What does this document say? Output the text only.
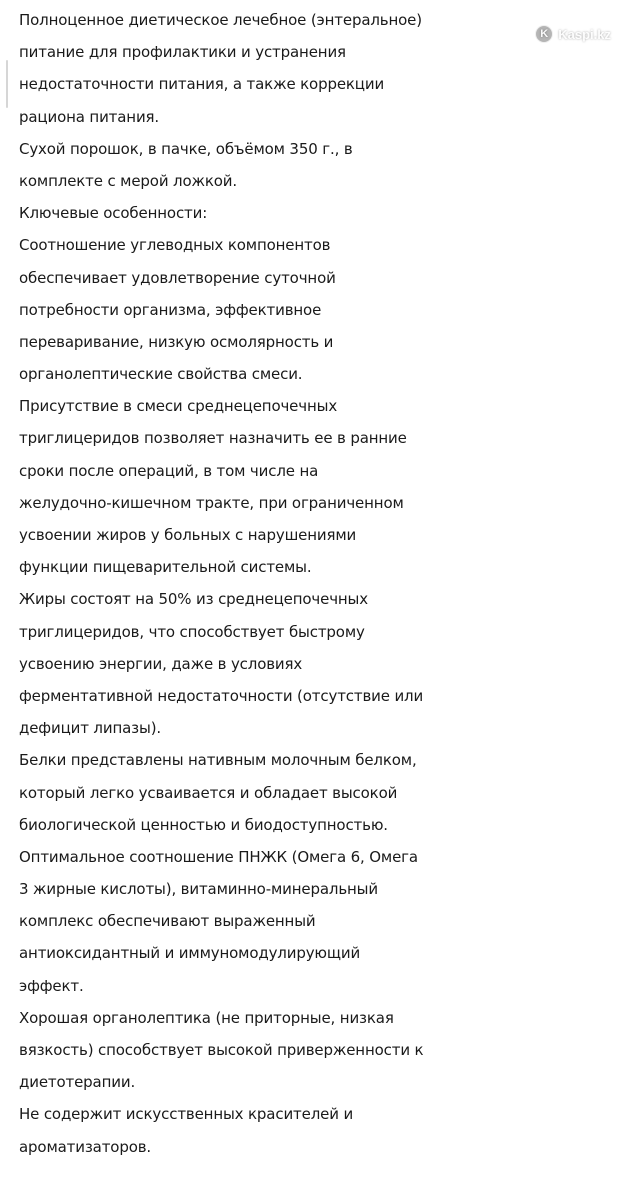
Полноценное диетическое лечебное (энтеральное)
питание для профилактики и устранения
недостаточности питания, а также коррекции
рациона питания.
Сухой порошок, в пачке, объёмом 350 г., в
комплекте с мерой ложкой.
Ключевые особенности:
Соотношение углеводных компонентов
обеспечивает удовлетворение суточной
потребности организма, эффективное
переваривание, низкую осмолярность и
органолептические свойства смеси.
Присутствие в смеси среднецепочечных
триглицеридов позволяет назначить ее в ранние
сроки после операций, в том числе на
желудочно-кишечном тракте, при ограниченном
усвоении жиров у больных с нарушениями
функции пищеварительной системы.
Жиры состоят на 50% из среднецепочечных
триглицеридов, что способствует быстрому
усвоению энергии, даже в условиях
ферментативной недостаточности (отсутствие или
дефицит липазы).
Белки представлены нативным молочным белком,
который легко усваивается и обладает высокой
биологической ценностью и биодоступностью.
Оптимальное соотношение ПНЖК (Омега 6, Омега
3 жирные кислоты), витаминно-минеральный
комплекс обеспечивают выраженный
антиоксидантный и иммуномодулирующий
эффект.
Хорошая органолептика (не приторные, низкая
вязкость) способствует высокой приверженности к
диетотерапии.
Не содержит искусственных красителей и
ароматизаторов.
K Kaspi.kz
